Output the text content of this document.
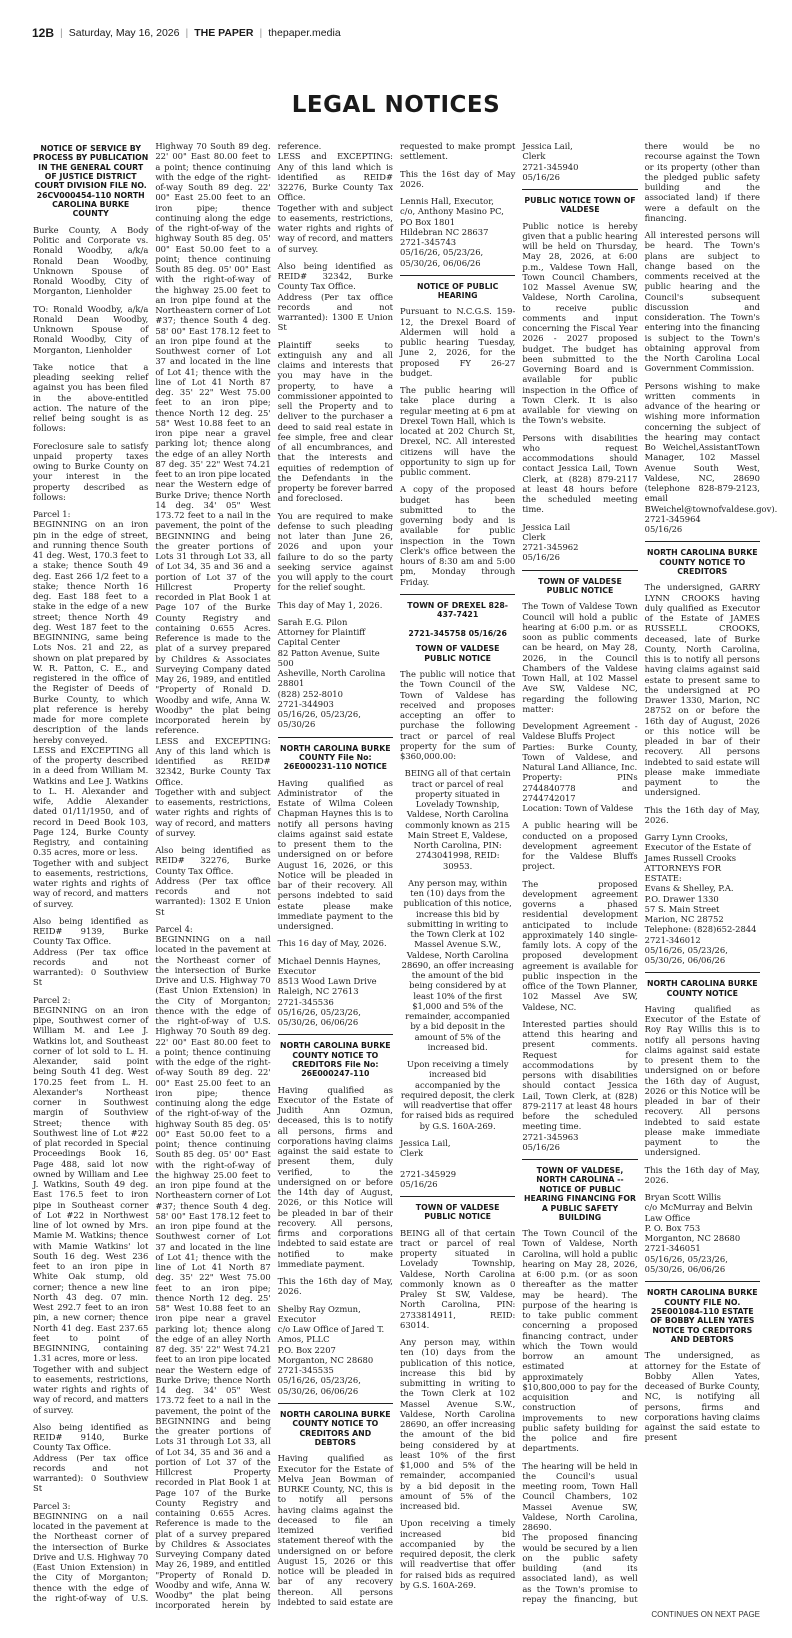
12B | Saturday, May 16, 2026 | THE PAPER | thepaper.media
LEGAL NOTICES
NOTICE OF SERVICE BY PROCESS BY PUBLICATION IN THE GENERAL COURT OF JUSTICE DISTRICT COURT DIVISION FILE NO. 26CV000454-110 NORTH CAROLINA BURKE COUNTY
Burke County, A Body Politic and Corporate vs. Ronald Woodby, a/k/a Ronald Dean Woodby, Unknown Spouse of Ronald Woodby, City of Morganton, Lienholder
TO: Ronald Woodby, a/k/a Ronald Dean Woodby, Unknown Spouse of Ronald Woodby, City of Morganton, Lienholder
Take notice that a pleading seeking relief against you has been filed in the above-entitled action. The nature of the relief being sought is as follows:
Foreclosure sale to satisfy unpaid property taxes owing to Burke County on your interest in the property described as follows:
Parcel 1:
BEGINNING on an iron pin in the edge of street, and running thence South 41 deg. West, 170.3 feet to a stake; thence South 49 deg. East 266 1/2 feet to a stake; thence North 16 deg. East 188 feet to a stake in the edge of a new street; thence North 49 deg. West 187 feet to the BEGINNING, same being Lots Nos. 21 and 22, as shown on plat prepared by W. R. Patton, C. E., and registered in the office of the Register of Deeds of Burke County, to which plat reference is hereby made for more complete description of the lands hereby conveyed.
LESS and EXCEPTING all of the property described in a deed from William M. Watkins and Lee J. Watkins to L. H. Alexander and wife, Addie Alexander dated 01/11/1950, and of record in Deed Book 103, Page 124, Burke County Registry, and containing 0.35 acres, more or less.
Together with and subject to easements, restrictions, water rights and rights of way of record, and matters of survey.
Also being identified as REID# 9139, Burke County Tax Office.
Address (Per tax office records and not warranted): 0 Southview St
Parcel 2:
BEGINNING on an iron pipe, Southwest corner of William M. and Lee J. Watkins lot, and Southeast corner of lot sold to L. H. Alexander, said point being South 41 deg. West 170.25 feet from L. H. Alexander's Northeast corner in Southwest margin of Southview Street; thence with Southwest line of Lot #22 of plat recorded in Special Proceedings Book 16, Page 488, said lot now owned by William and Lee J. Watkins, South 49 deg. East 176.5 feet to iron pipe in Southeast corner of Lot #22 in Northwest line of lot owned by Mrs. Mamie M. Watkins; thence with Mamie Watkins' lot South 16 deg. West 236 feet to an iron pipe in White Oak stump, old corner; thence a new line North 43 deg. 07 min. West 292.7 feet to an iron pin, a new corner; thence North 41 deg. East 237.65 feet to point of BEGINNING, containing 1.31 acres, more or less.
Together with and subject to easements, restrictions, water rights and rights of way of record, and matters of survey.
Also being identified as REID# 9140, Burke County Tax Office.
Address (Per tax office records and not warranted): 0 Southview St
Parcel 3:
BEGINNING on a nail located in the pavement at the Northeast corner of the intersection of Burke Drive and U.S. Highway 70 (East Union Extension) in the City of Morganton; thence with the edge of the right-of-way of U.S. Highway 70 South 89 deg. 22' 00" East 80.00 feet to a point; thence continuing with the edge of the right-of-way South 89 deg. 22' 00" East 25.00 feet to an iron pipe; thence continuing along the edge of the right-of-way of the highway South 85 deg. 05' 00" East 50.00 feet to a point; thence continuing South 85 deg. 05' 00" East with the right-of-way of the highway 25.00 feet to an iron pipe found at the Northeastern corner of Lot #37; thence South 4 deg. 58' 00" East 178.12 feet to an iron pipe found at the Southwest corner of Lot 37 and located in the line of Lot 41; thence with the line of Lot 41 North 87 deg. 35' 22" West 75.00 feet to an iron pipe; thence North 12 deg. 25' 58" West 10.88 feet to an iron pipe near a gravel parking lot; thence along the edge of an alley North 87 deg. 35' 22" West 74.21 feet to an iron pipe located near the Western edge of Burke Drive; thence North 14 deg. 34' 05" West 173.72 feet to a nail in the pavement, the point of the BEGINNING and being the greater portions of Lots 31 through Lot 33, all of Lot 34, 35 and 36 and a portion of Lot 37 of the Hillcrest Property recorded in Plat Book 1 at Page 107 of the Burke County Registry and containing 0.655 Acres. Reference is made to the plat of a survey prepared by Childres & Associates Surveying Company dated May 26, 1989, and entitled "Property of Ronald D. Woodby and wife, Anna W. Woodby" the plat being incorporated herein by reference.
LESS and EXCEPTING: Any of this land which is identified as REID# 32342, Burke County Tax Office.
Together with and subject to easements, restrictions, water rights and rights of way of record, and matters of survey.
Also being identified as REID# 32276, Burke County Tax Office.
Address (Per tax office records and not warranted): 1302 E Union St
Parcel 4:
BEGINNING on a nail located in the pavement at the Northeast corner of the intersection of Burke Drive and U.S. Highway 70 (East Union Extension) in the City of Morganton; thence with the edge of the right-of-way of U.S. Highway 70 South 89 deg. 22' 00" East 80.00 feet to a point; thence continuing with the edge of the right-of-way South 89 deg. 22' 00" East 25.00 feet to an iron pipe; thence continuing along the edge of the right-of-way of the highway South 85 deg. 05' 00" East 50.00 feet to a point; thence continuing South 85 deg. 05' 00" East with the right-of-way of the highway 25.00 feet to an iron pipe found at the Northeastern corner of Lot #37; thence South 4 deg. 58' 00" East 178.12 feet to an iron pipe found at the Southwest corner of Lot 37 and located in the line of Lot 41; thence with the line of Lot 41 North 87 deg. 35' 22" West 75.00 feet to an iron pipe; thence North 12 deg. 25' 58" West 10.88 feet to an iron pipe near a gravel parking lot; thence along the edge of an alley North 87 deg. 35' 22" West 74.21 feet to an iron pipe located near the Western edge of Burke Drive; thence North 14 deg. 34' 05" West 173.72 feet to a nail in the pavement, the point of the BEGINNING and being the greater portions of Lots 31 through Lot 33, all of Lot 34, 35 and 36 and a portion of Lot 37 of the Hillcrest Property recorded in Plat Book 1 at Page 107 of the Burke County Registry and containing 0.655 Acres. Reference is made to the plat of a survey prepared by Childres & Associates Surveying Company dated May 26, 1989, and entitled "Property of Ronald D. Woodby and wife, Anna W. Woodby" the plat being incorporated herein by reference.
LESS and EXCEPTING: Any of this land which is identified as REID# 32276, Burke County Tax Office.
Together with and subject to easements, restrictions, water rights and rights of way of record, and matters of survey.
Also being identified as REID# 32342, Burke County Tax Office.
Address (Per tax office records and not warranted): 1300 E Union St
Plaintiff seeks to extinguish any and all claims and interests that you may have in the property, to have a commissioner appointed to sell the Property and to deliver to the purchaser a deed to said real estate in fee simple, free and clear of all encumbrances, and that the interests and equities of redemption of the Defendants in the property be forever barred and foreclosed.
You are required to make defense to such pleading not later than June 26, 2026 and upon your failure to do so the party seeking service against you will apply to the court for the relief sought.
This day of May 1, 2026.
Sarah E.G. Pilon
Attorney for Plaintiff
Capital Center
82 Patton Avenue, Suite 500
Asheville, North Carolina 28801
(828) 252-8010
2721-344903
05/16/26, 05/23/26, 05/30/26
NORTH CAROLINA BURKE COUNTY File No: 26E000231-110 NOTICE
Having qualified as Administrator of the Estate of Wilma Coleen Chapman Haynes this is to notify all persons having claims against said estate to present them to the undersigned on or before August 16, 2026, or this Notice will be pleaded in bar of their recovery. All persons indebted to said estate please make immediate payment to the undersigned.
This 16 day of May, 2026.
Michael Dennis Haynes, Executor
8513 Wood Lawn Drive
Raleigh, NC 27613
2721-345536
05/16/26, 05/23/26, 05/30/26, 06/06/26
NORTH CAROLINA BURKE COUNTY NOTICE TO CREDITORS File No: 26E000247-110
Having qualified as Executor of the Estate of Judith Ann Ozmun, deceased, this is to notify all persons, firms and corporations having claims against the said estate to present them, duly verified, to the undersigned on or before the 14th day of August, 2026, or this Notice will be pleaded in bar of their recovery. All persons, firms and corporations indebted to said estate are notified to make immediate payment.
This the 16th day of May, 2026.
Shelby Ray Ozmun, Executor
c/o Law Office of Jared T. Amos, PLLC
P.O. Box 2207
Morganton, NC 28680
2721-345535
05/16/26, 05/23/26, 05/30/26, 06/06/26
NORTH CAROLINA BURKE COUNTY NOTICE TO CREDITORS AND DEBTORS
Having qualified as Executor for the Estate of Melva Jean Bowman of BURKE County, NC, this is to notify all persons having claims against the deceased to file an itemized verified statement thereof with the undersigned on or before August 15, 2026 or this notice will be pleaded in bar of any recovery thereon. All persons indebted to said estate are requested to make prompt settlement.
This the 16st day of May 2026.
Lennis Hall, Executor,
c/o, Anthony Masino PC,
PO Box 1801
Hildebran NC 28637
2721-345743
05/16/26, 05/23/26, 05/30/26, 06/06/26
NOTICE OF PUBLIC HEARING
Pursuant to N.C.G.S. 159-12, the Drexel Board of Aldermen will hold a public hearing Tuesday, June 2, 2026, for the proposed FY 26-27 budget.
The public hearing will take place during a regular meeting at 6 pm at Drexel Town Hall, which is located at 202 Church St, Drexel, NC. All interested citizens will have the opportunity to sign up for public comment.
A copy of the proposed budget has been submitted to the governing body and is available for public inspection in the Town Clerk's office between the hours of 8:30 am and 5:00 pm, Monday through Friday.
TOWN OF DREXEL 828-437-7421

2721-345758 05/16/26
TOWN OF VALDESE PUBLIC NOTICE
The public will notice that the Town Council of the Town of Valdese has received and proposes accepting an offer to purchase the following tract or parcel of real property for the sum of $360,000.00:
BEING all of that certain tract or parcel of real property situated in Lovelady Township, Valdese, North Carolina commonly known as 215 Main Street E, Valdese, North Carolina, PIN: 2743041998, REID: 30953.
Any person may, within ten (10) days from the publication of this notice, increase this bid by submitting in writing to the Town Clerk at 102 Massel Avenue S.W., Valdese, North Carolina 28690, an offer increasing the amount of the bid being considered by at least 10% of the first $1,000 and 5% of the remainder, accompanied by a bid deposit in the amount of 5% of the increased bid.
Upon receiving a timely increased bid accompanied by the required deposit, the clerk will readvertise that offer for raised bids as required by G.S. 160A-269.
Jessica Lail,
Clerk

2721-345929
05/16/26
TOWN OF VALDESE PUBLIC NOTICE
BEING all of that certain tract or parcel of real property situated in Lovelady Township, Valdese, North Carolina commonly known as 0 Praley St SW, Valdese, North Carolina, PIN: 2733814911, REID: 63014.
Any person may, within ten (10) days from the publication of this notice, increase this bid by submitting in writing to the Town Clerk at 102 Massel Avenue S.W., Valdese, North Carolina 28690, an offer increasing the amount of the bid being considered by at least 10% of the first $1,000 and 5% of the remainder, accompanied by a bid deposit in the amount of 5% of the increased bid.
Upon receiving a timely increased bid accompanied by the required deposit, the clerk will readvertise that offer for raised bids as required by G.S. 160A-269.
Jessica Lail,
Clerk
2721-345940
05/16/26
PUBLIC NOTICE TOWN OF VALDESE
Public notice is hereby given that a public hearing will be held on Thursday, May 28, 2026, at 6:00 p.m., Valdese Town Hall, Town Council Chambers, 102 Massel Avenue SW, Valdese, North Carolina, to receive public comments and input concerning the Fiscal Year 2026 - 2027 proposed budget. The budget has been submitted to the Governing Board and is available for public inspection in the Office of Town Clerk. It is also available for viewing on the Town's website.
Persons with disabilities who request accommodations should contact Jessica Lail, Town Clerk, at (828) 879-2117 at least 48 hours before the scheduled meeting time.
Jessica Lail
Clerk
2721-345962
05/16/26
TOWN OF VALDESE PUBLIC NOTICE
The Town of Valdese Town Council will hold a public hearing at 6:00 p.m. or as soon as public comments can be heard, on May 28, 2026, in the Council Chambers of the Valdese Town Hall, at 102 Massel Ave SW, Valdese NC, regarding the following matter:
Development Agreement - Valdese Bluffs Project
Parties: Burke County, Town of Valdese, and Natural Land Alliance, Inc.
Property: PINs 2744840778 and 2744742017
Location: Town of Valdese
A public hearing will be conducted on a proposed development agreement for the Valdese Bluffs project.
The proposed development agreement governs a phased residential development anticipated to include approximately 140 single-family lots. A copy of the proposed development agreement is available for public inspection in the office of the Town Planner, 102 Massel Ave SW, Valdese, NC.
Interested parties should attend this hearing and present comments. Request for accommodations by persons with disabilities should contact Jessica Lail, Town Clerk, at (828) 879-2117 at least 48 hours before the scheduled meeting time.
2721-345963
05/16/26
TOWN OF VALDESE, NORTH CAROLINA -- NOTICE OF PUBLIC HEARING FINANCING FOR A PUBLIC SAFETY BUILDING
The Town Council of the Town of Valdese, North Carolina, will hold a public hearing on May 28, 2026, at 6:00 p.m. (or as soon thereafter as the matter may be heard). The purpose of the hearing is to take public comment concerning a proposed financing contract, under which the Town would borrow an amount estimated at approximately $10,800,000 to pay for the acquisition and construction of improvements to new public safety building for the police and fire departments.
The hearing will be held in the Council's usual meeting room, Town Hall Council Chambers, 102 Massei Avenue SW, Valdese, North Carolina, 28690.
The proposed financing would be secured by a lien on the public safety building (and its associated land), as well as the Town's promise to repay the financing, but there would be no recourse against the Town or its property (other than the pledged public safety building and the associated land) if there were a default on the financing.
All interested persons will be heard. The Town's plans are subject to change based on the comments received at the public hearing and the Council's subsequent discussion and consideration. The Town's entering into the financing is subject to the Town's obtaining approval from the North Carolina Local Government Commission.
Persons wishing to make written comments in advance of the hearing or wishing more information concerning the subject of the hearing may contact Bo Weichel,AssistantTown Manager, 102 Massel Avenue South West, Valdese, NC, 28690 (telephone 828-879-2123, email BWeichel@townofvaldese.gov).
2721-345964
05/16/26
NORTH CAROLINA BURKE COUNTY NOTICE TO CREDITORS
The undersigned, GARRY LYNN CROOKS having duly qualified as Executor of the Estate of JAMES RUSSELL CROOKS, deceased, late of Burke County, North Carolina, this is to notify all persons having claims against said estate to present same to the undersigned at PO Drawer 1330, Marion, NC 28752 on or before the 16th day of August, 2026 or this notice will be pleaded in bar of their recovery. All persons indebted to said estate will please make immediate payment to the undersigned.
This the 16th day of May, 2026.
Garry Lynn Crooks, Executor of the Estate of James Russell Crooks
ATTORNEYS FOR ESTATE:
Evans & Shelley, P.A.
P.O. Drawer 1330
57 S. Main Street
Marion, NC 28752
Telephone: (828)652-2844
2721-346012
05/16/26, 05/23/26, 05/30/26, 06/06/26
NORTH CAROLINA BURKE COUNTY NOTICE
Having qualified as Executor of the Estate of Roy Ray Willis this is to notify all persons having claims against said estate to present them to the undersigned on or before the 16th day of August, 2026 or this Notice will be pleaded in bar of their recovery. All persons indebted to said estate please make immediate payment to the undersigned.
This the 16th day of May, 2026.
Bryan Scott Willis
c/o McMurray and Belvin Law Office
P. O. Box 753
Morganton, NC 28680
2721-346051
05/16/26, 05/23/26, 05/30/26, 06/06/26
NORTH CAROLINA BURKE COUNTY FILE NO. 25E001084-110 ESTATE OF BOBBY ALLEN YATES NOTICE TO CREDITORS AND DEBTORS
The undersigned, as attorney for the Estate of Bobby Allen Yates, deceased of Burke County, NC, is notifying all persons, firms and corporations having claims against the said estate to present
CONTINUES ON NEXT PAGE
